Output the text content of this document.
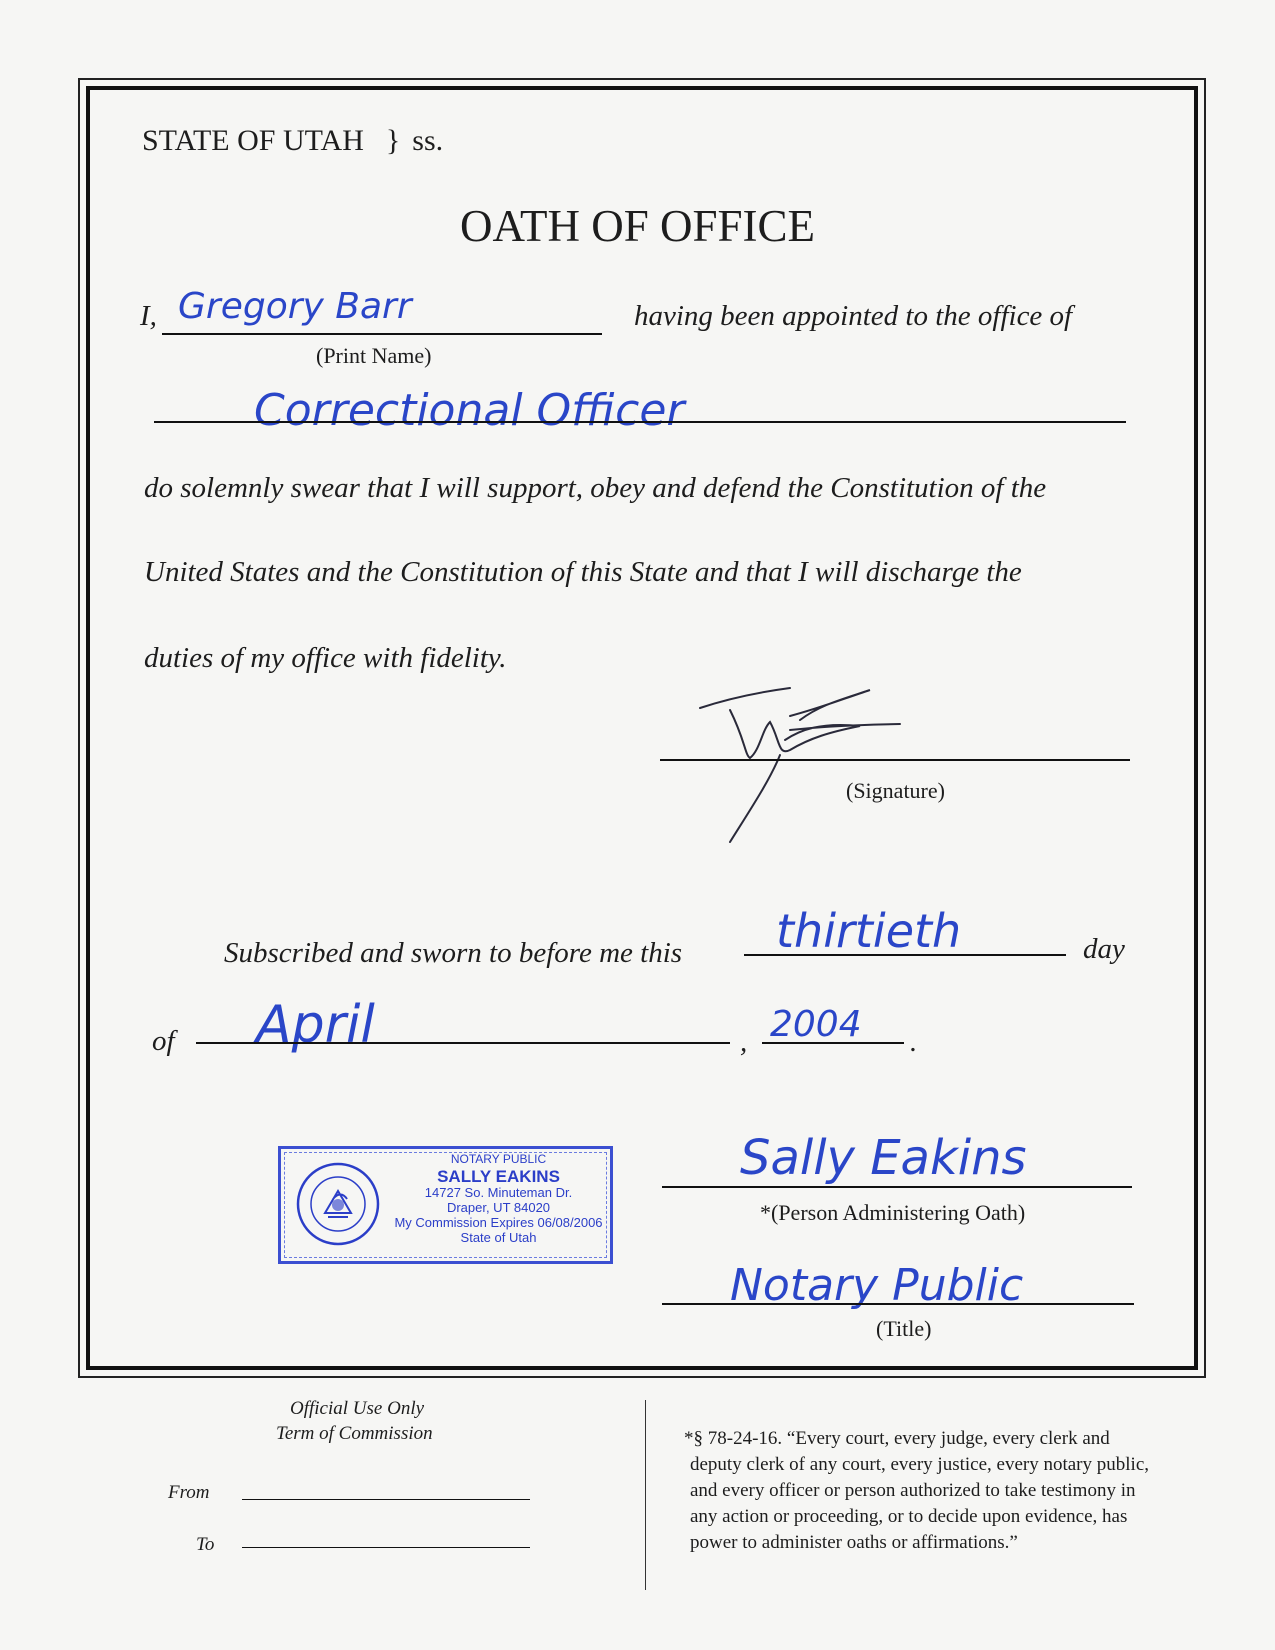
STATE OF UTAH } ss.
OATH OF OFFICE
I, Gregory Barr
(Print Name)
having been appointed to the office of
Correctional Officer
do solemnly swear that I will support, obey and defend the Constitution of the
United States and the Constitution of this State and that I will discharge the
duties of my office with fidelity.
(Signature)
Subscribed and sworn to before me this thirtieth	day
of April	, 2004 .
NOTARY PUBLIC
SALLY EAKINS
14727 So. Minuteman Dr.
Draper, UT 84020
My Commission Expires 06/08/2006
State of Utah
Sally Eakins
*(Person Administering Oath)
Notary Public
(Title)
Official Use Only
Term of Commission
From
To
*§ 78-24-16. “Every court, every judge, every clerk and
deputy clerk of any court, every justice, every notary public,
and every officer or person authorized to take testimony in
any action or proceeding, or to decide upon evidence, has
power to administer oaths or affirmations.”
